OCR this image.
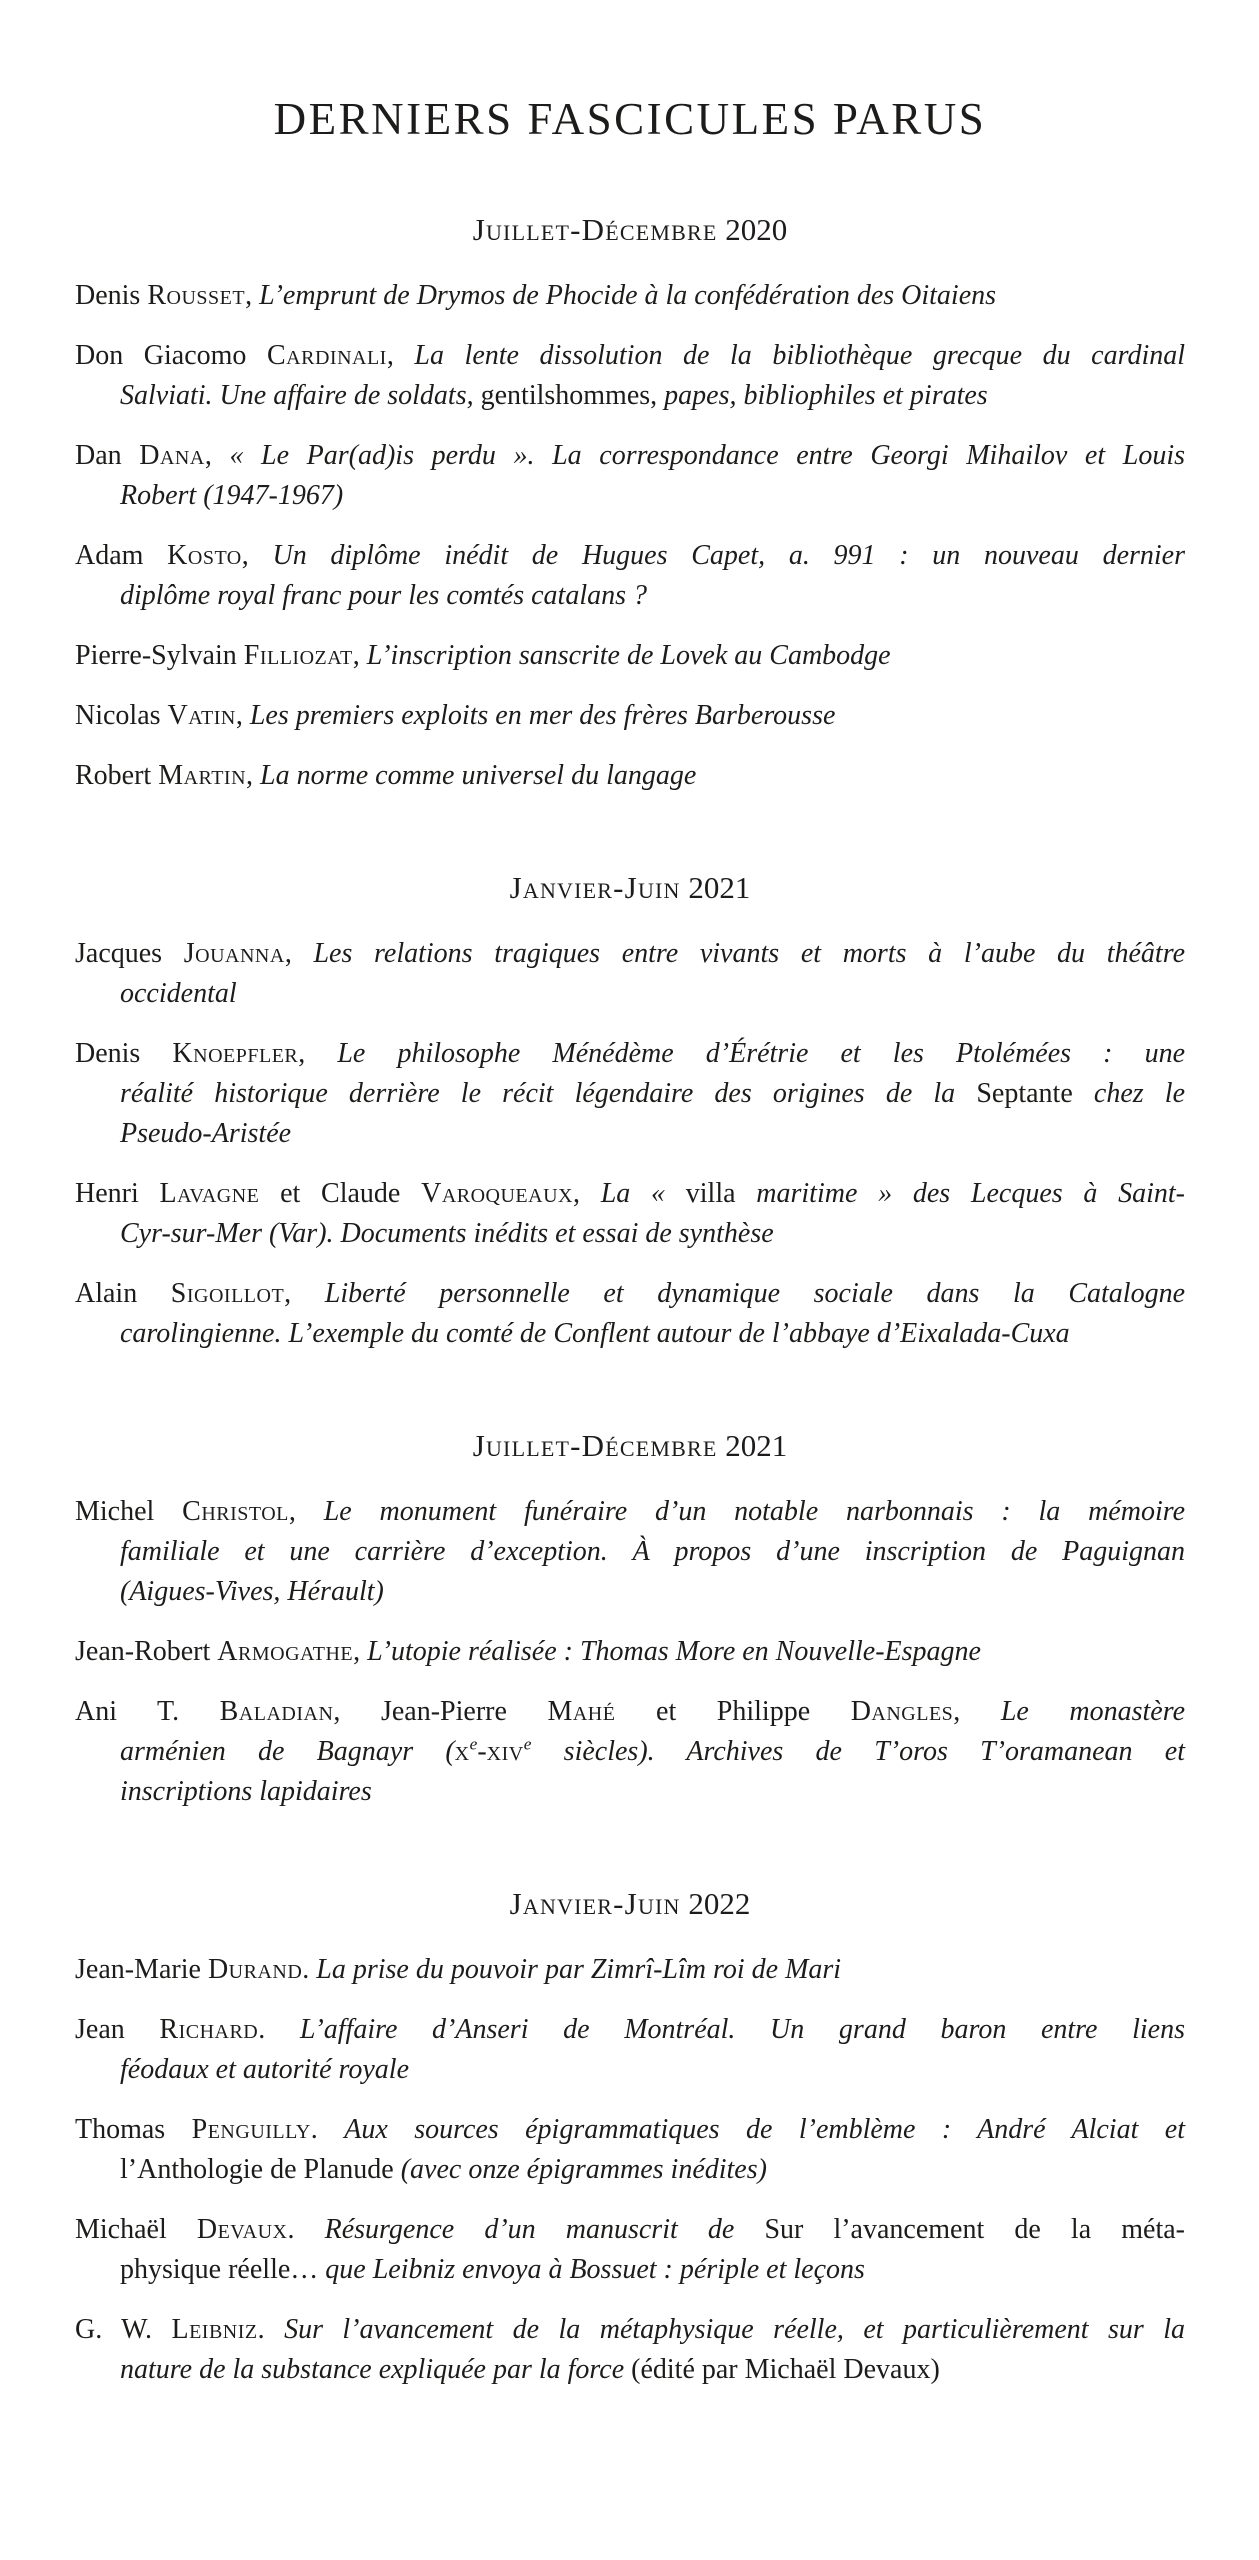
DERNIERS FASCICULES PARUS
Juillet-Décembre 2020
Denis Rousset, L’emprunt de Drymos de Phocide à la confédération des Oitaiens
Don Giacomo Cardinali, La lente dissolution de la bibliothèque grecque du cardinal
Salviati. Une affaire de soldats, gentilshommes, papes, bibliophiles et pirates
Dan Dana, « Le Par(ad)is perdu ». La correspondance entre Georgi Mihailov et Louis
Robert (1947-1967)
Adam Kosto, Un diplôme inédit de Hugues Capet, a. 991 : un nouveau dernier
diplôme royal franc pour les comtés catalans ?
Pierre-Sylvain Filliozat, L’inscription sanscrite de Lovek au Cambodge
Nicolas Vatin, Les premiers exploits en mer des frères Barberousse
Robert Martin, La norme comme universel du langage
Janvier-Juin 2021
Jacques Jouanna, Les relations tragiques entre vivants et morts à l’aube du théâtre
occidental
Denis Knoepfler, Le philosophe Ménédème d’Érétrie et les Ptolémées : une
réalité historique derrière le récit légendaire des origines de la Septante chez le
Pseudo-Aristée
Henri Lavagne et Claude Varoqueaux, La « villa maritime » des Lecques à Saint-
Cyr-sur-Mer (Var). Documents inédits et essai de synthèse
Alain Sigoillot, Liberté personnelle et dynamique sociale dans la Catalogne
carolingienne. L’exemple du comté de Conflent autour de l’abbaye d’Eixalada-Cuxa
Juillet-Décembre 2021
Michel Christol, Le monument funéraire d’un notable narbonnais : la mémoire
familiale et une carrière d’exception. À propos d’une inscription de Paguignan
(Aigues-Vives, Hérault)
Jean-Robert Armogathe, L’utopie réalisée : Thomas More en Nouvelle-Espagne
Ani T. Baladian, Jean-Pierre Mahé et Philippe Dangles, Le monastère
arménien de Bagnayr ($x^e-xiv^e$ siècles). Archives de T’oros T’oramanean et
inscriptions lapidaires
Janvier-Juin 2022
Jean-Marie Durand. La prise du pouvoir par Zimrî-Lîm roi de Mari
Jean Richard. L’affaire d’Anseri de Montréal. Un grand baron entre liens
féodaux et autorité royale
Thomas Penguilly. Aux sources épigrammatiques de l’emblème : André Alciat et
l’Anthologie de Planude (avec onze épigrammes inédites)
Michaël Devaux. Résurgence d’un manuscrit de Sur l’avancement de la méta-
physique réelle… que Leibniz envoya à Bossuet : périple et leçons
G. W. Leibniz. Sur l’avancement de la métaphysique réelle, et particulièrement sur la
nature de la substance expliquée par la force (édité par Michaël Devaux)
